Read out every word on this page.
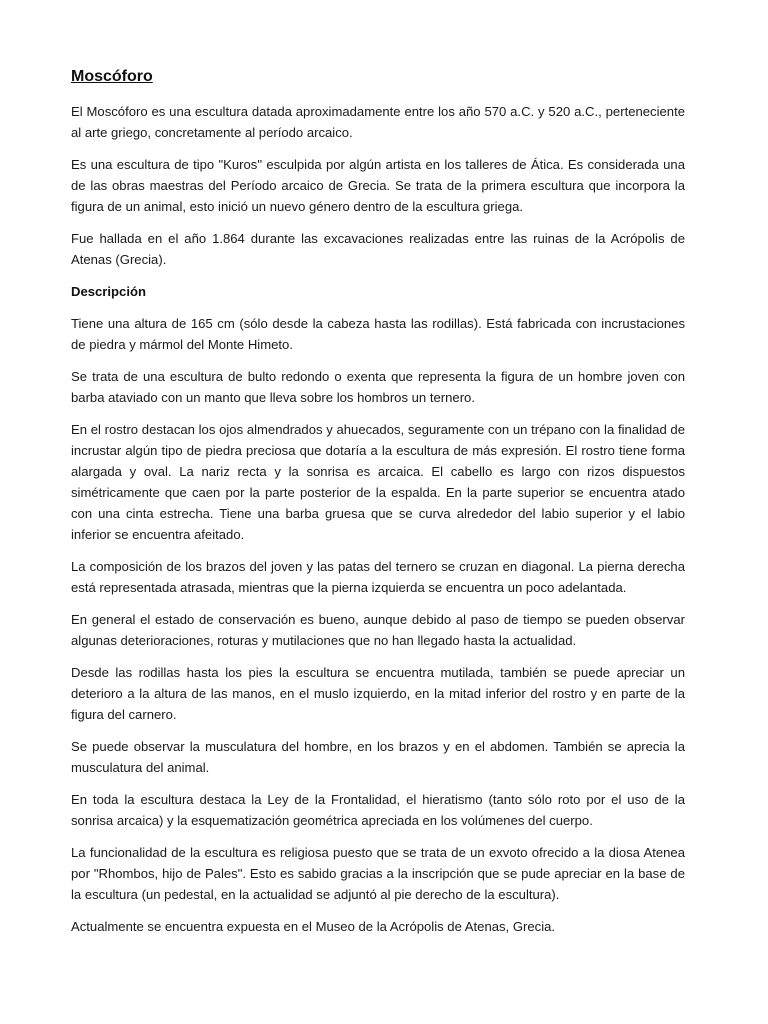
Moscóforo

El Moscóforo es una escultura datada aproximadamente entre los año 570 a.C. y 520 a.C., perteneciente al arte griego, concretamente al período arcaico.

Es una escultura de tipo "Kuros" esculpida por algún artista en los talleres de Ática. Es considerada una de las obras maestras del Período arcaico de Grecia. Se trata de la primera escultura que incorpora la figura de un animal, esto inició un nuevo género dentro de la escultura griega.

Fue hallada en el año 1.864 durante las excavaciones realizadas entre las ruinas de la Acrópolis de Atenas (Grecia).

Descripción

Tiene una altura de 165 cm (sólo desde la cabeza hasta las rodillas). Está fabricada con incrustaciones de piedra y mármol del Monte Himeto.

Se trata de una escultura de bulto redondo o exenta que representa la figura de un hombre joven con barba ataviado con un manto que lleva sobre los hombros un ternero.

En el rostro destacan los ojos almendrados y ahuecados, seguramente con un trépano con la finalidad de incrustar algún tipo de piedra preciosa que dotaría a la escultura de más expresión. El rostro tiene forma alargada y oval. La nariz recta y la sonrisa es arcaica. El cabello es largo con rizos dispuestos simétricamente que caen por la parte posterior de la espalda. En la parte superior se encuentra atado con una cinta estrecha. Tiene una barba gruesa que se curva alrededor del labio superior y el labio inferior se encuentra afeitado.

La composición de los brazos del joven y las patas del ternero se cruzan en diagonal. La pierna derecha está representada atrasada, mientras que la pierna izquierda se encuentra un poco adelantada.

En general el estado de conservación es bueno, aunque debido al paso de tiempo se pueden observar algunas deterioraciones, roturas y mutilaciones que no han llegado hasta la actualidad.

Desde las rodillas hasta los pies la escultura se encuentra mutilada, también se puede apreciar un deterioro a la altura de las manos, en el muslo izquierdo, en la mitad inferior del rostro y en parte de la figura del carnero.

Se puede observar la musculatura del hombre, en los brazos y en el abdomen. También se aprecia la musculatura del animal.

En toda la escultura destaca la Ley de la Frontalidad, el hieratismo (tanto sólo roto por el uso de la sonrisa arcaica) y la esquematización geométrica apreciada en los volúmenes del cuerpo.

La funcionalidad de la escultura es religiosa puesto que se trata de un exvoto ofrecido a la diosa Atenea por "Rhombos, hijo de Pales". Esto es sabido gracias a la inscripción que se pude apreciar en la base de la escultura (un pedestal, en la actualidad se adjuntó al pie derecho de la escultura).

Actualmente se encuentra expuesta en el Museo de la Acrópolis de Atenas, Grecia.
